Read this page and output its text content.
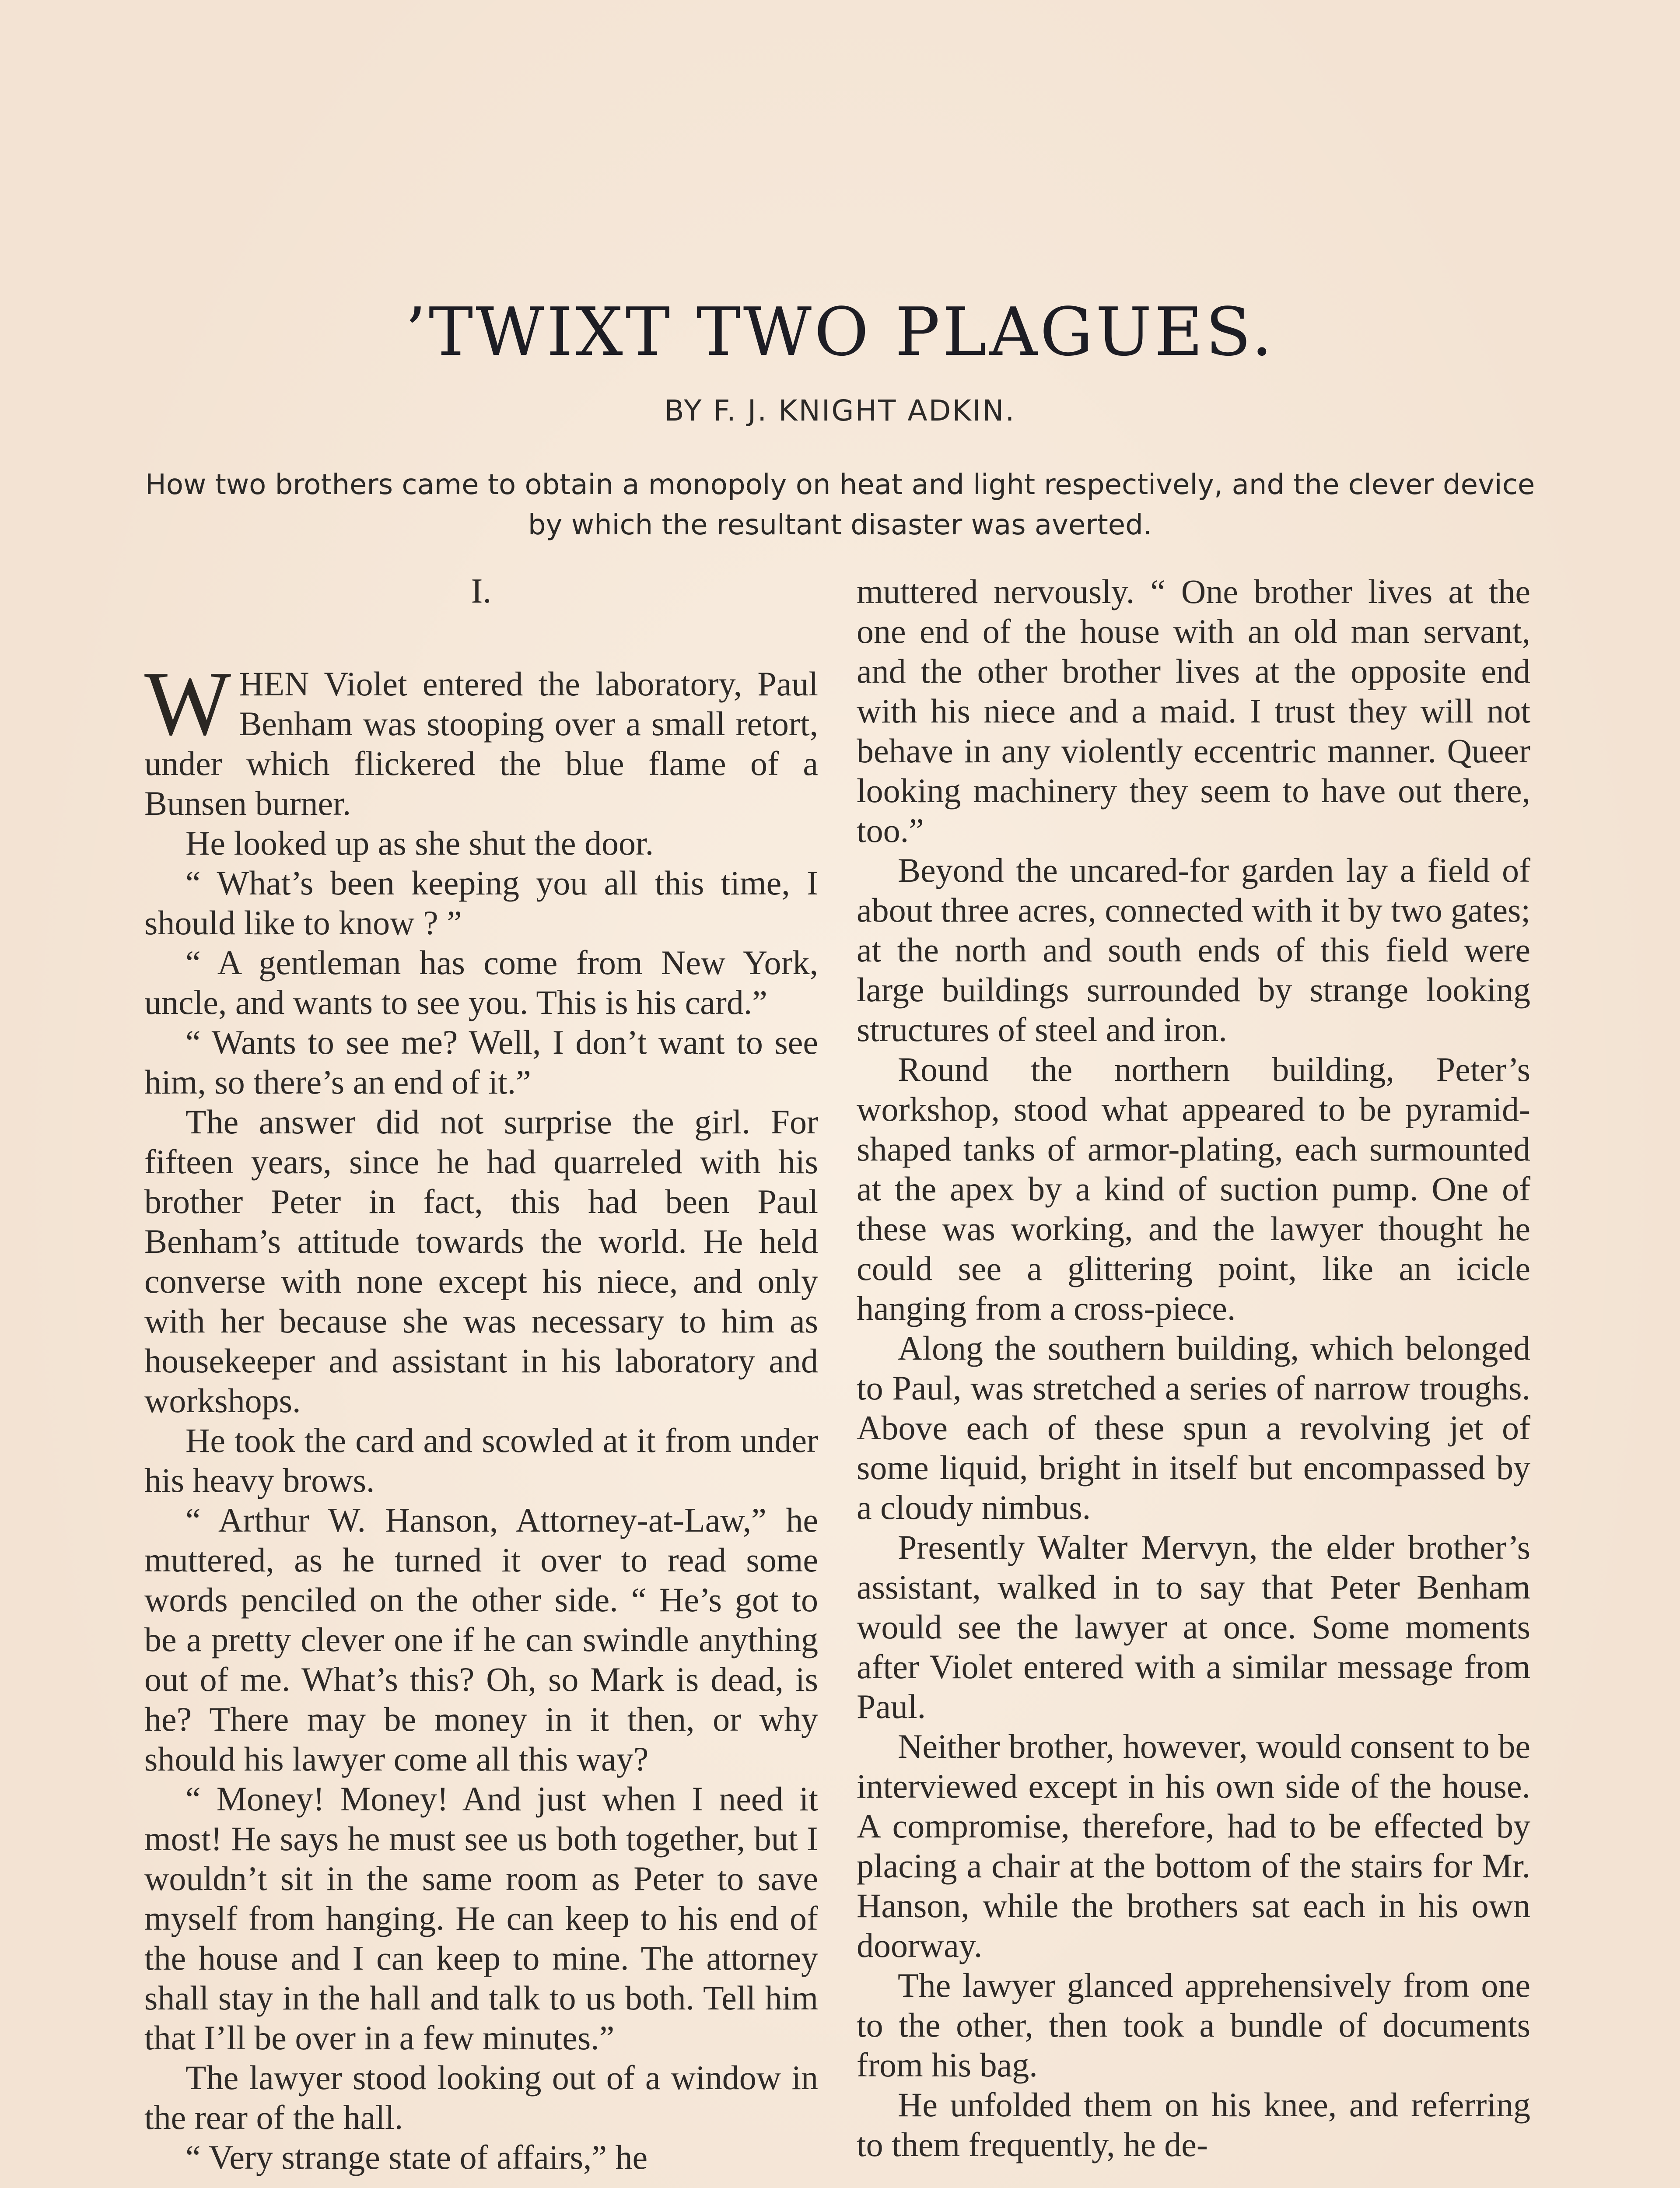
’TWIXT TWO PLAGUES.
BY F. J. KNIGHT ADKIN.
How two brothers came to obtain a monopoly on heat and light respectively, and the clever device by which the resultant disaster was averted.
I.

WHEN Violet entered the laboratory, Paul Benham was stooping over a small retort, under which flickered the blue flame of a Bunsen burner.

He looked up as she shut the door.

“ What’s been keeping you all this time, I should like to know ? ”

“ A gentleman has come from New York, uncle, and wants to see you. This is his card.”

“ Wants to see me? Well, I don’t want to see him, so there’s an end of it.”

The answer did not surprise the girl. For fifteen years, since he had quarreled with his brother Peter in fact, this had been Paul Benham’s attitude towards the world. He held converse with none except his niece, and only with her because she was necessary to him as housekeeper and assistant in his laboratory and workshops.

He took the card and scowled at it from under his heavy brows.

“ Arthur W. Hanson, Attorney-at-Law,” he muttered, as he turned it over to read some words penciled on the other side. “ He’s got to be a pretty clever one if he can swindle anything out of me. What’s this? Oh, so Mark is dead, is he? There may be money in it then, or why should his lawyer come all this way?

“ Money! Money! And just when I need it most! He says he must see us both together, but I wouldn’t sit in the same room as Peter to save myself from hanging. He can keep to his end of the house and I can keep to mine. The attorney shall stay in the hall and talk to us both. Tell him that I’ll be over in a few minutes.”

The lawyer stood looking out of a window in the rear of the hall.

“ Very strange state of affairs,” he

muttered nervously. “ One brother lives at the one end of the house with an old man servant, and the other brother lives at the opposite end with his niece and a maid. I trust they will not behave in any violently eccentric manner. Queer looking machinery they seem to have out there, too.”

Beyond the uncared-for garden lay a field of about three acres, connected with it by two gates; at the north and south ends of this field were large buildings surrounded by strange looking structures of steel and iron.

Round the northern building, Peter’s workshop, stood what appeared to be pyramid-shaped tanks of armor-plating, each surmounted at the apex by a kind of suction pump. One of these was working, and the lawyer thought he could see a glittering point, like an icicle hanging from a cross-piece.

Along the southern building, which belonged to Paul, was stretched a series of narrow troughs. Above each of these spun a revolving jet of some liquid, bright in itself but encompassed by a cloudy nimbus.

Presently Walter Mervyn, the elder brother’s assistant, walked in to say that Peter Benham would see the lawyer at once. Some moments after Violet entered with a similar message from Paul.

Neither brother, however, would consent to be interviewed except in his own side of the house. A compromise, therefore, had to be effected by placing a chair at the bottom of the stairs for Mr. Hanson, while the brothers sat each in his own doorway.

The lawyer glanced apprehensively from one to the other, then took a bundle of documents from his bag.

He unfolded them on his knee, and referring to them frequently, he de-
